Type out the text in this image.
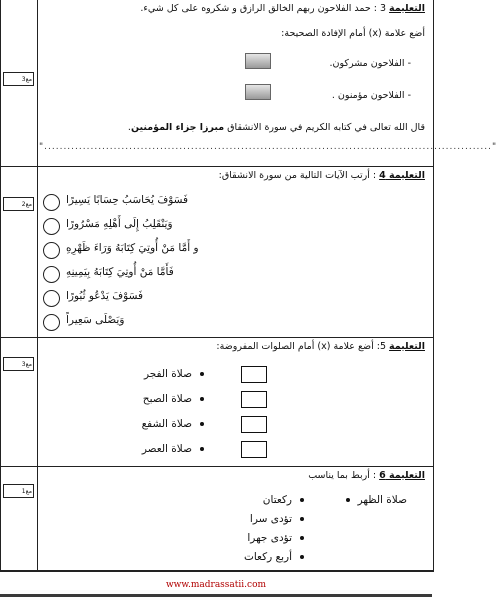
مع3
التعليمة 3 : حمد الفلاحون ربهم الخالق الرازق و شكروه على كل شيء.
أضع علامة (x) أمام الإفادة الصحيحة:
- الفلاحون مشركون.
- الفلاحون مؤمنون .
قال الله تعالى في كتابه الكريم في سورة الانشقاق مبرزا جزاء المؤمنين.
"...................................................................................................................."
مع2
التعليمة 4 : أرتب الآيات التالية من سورة الانشقاق:
فَسَوْفَ يُحَاسَبُ حِسَابًا يَسِيرًا
وَيَنْقَلِبُ إِلَى أَهْلِهِ مَسْرُورًا
و أَمَّا مَنْ أُوتِيَ كِتَابَهُ وَرَاءَ ظَهْرِهِ
فَأَمَّا مَنْ أُوتِيَ كِتَابَهُ بِيَمِينِهِ
فَسَوْفَ يَدْعُو ثُبُورًا
وَيَصْلَى سَعِيراً
مع3
التعليمة 5: أضع علامة (x) أمام الصلوات المفروضة:
صلاة الفجر
صلاة الصبح
صلاة الشفع
صلاة العصر
مع1
التعليمة 6 : أربط بما يناسب
صلاة الظهر
ركعتان
تؤدى سرا
تؤدى جهرا
أربع ركعات
www.madrassatii.com
